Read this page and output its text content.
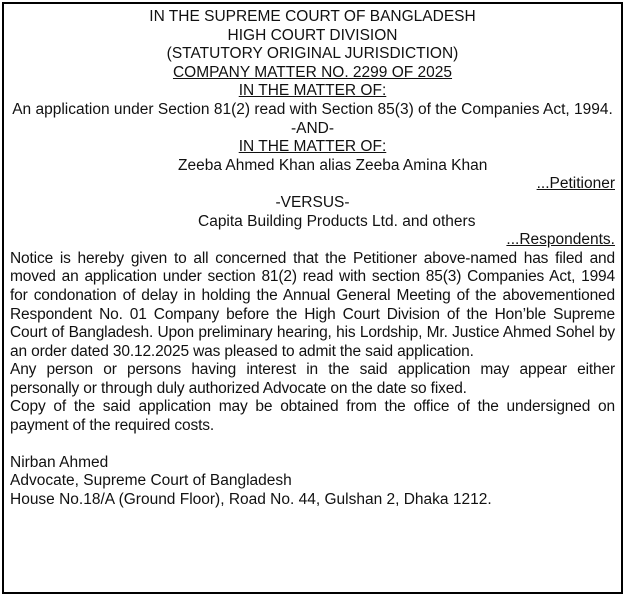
IN THE SUPREME COURT OF BANGLADESH
HIGH COURT DIVISION
(STATUTORY ORIGINAL JURISDICTION)
COMPANY MATTER NO. 2299 OF 2025
IN THE MATTER OF:
An application under Section 81(2) read with Section 85(3) of the Companies Act, 1994.
-AND-
IN THE MATTER OF:
Zeeba Ahmed Khan alias Zeeba Amina Khan
...Petitioner
-VERSUS-
Capita Building Products Ltd. and others
...Respondents.
Notice is hereby given to all concerned that the Petitioner above-named has filed and moved an application under section 81(2) read with section 85(3) Companies Act, 1994 for condonation of delay in holding the Annual General Meeting of the abovementioned Respondent No. 01 Company before the High Court Division of the Hon’ble Supreme Court of Bangladesh. Upon preliminary hearing, his Lordship, Mr. Justice Ahmed Sohel by an order dated 30.12.2025 was pleased to admit the said application.
Any person or persons having interest in the said application may appear either personally or through duly authorized Advocate on the date so fixed.
Copy of the said application may be obtained from the office of the undersigned on payment of the required costs.
Nirban Ahmed
Advocate, Supreme Court of Bangladesh
House No.18/A (Ground Floor), Road No. 44, Gulshan 2, Dhaka 1212.
